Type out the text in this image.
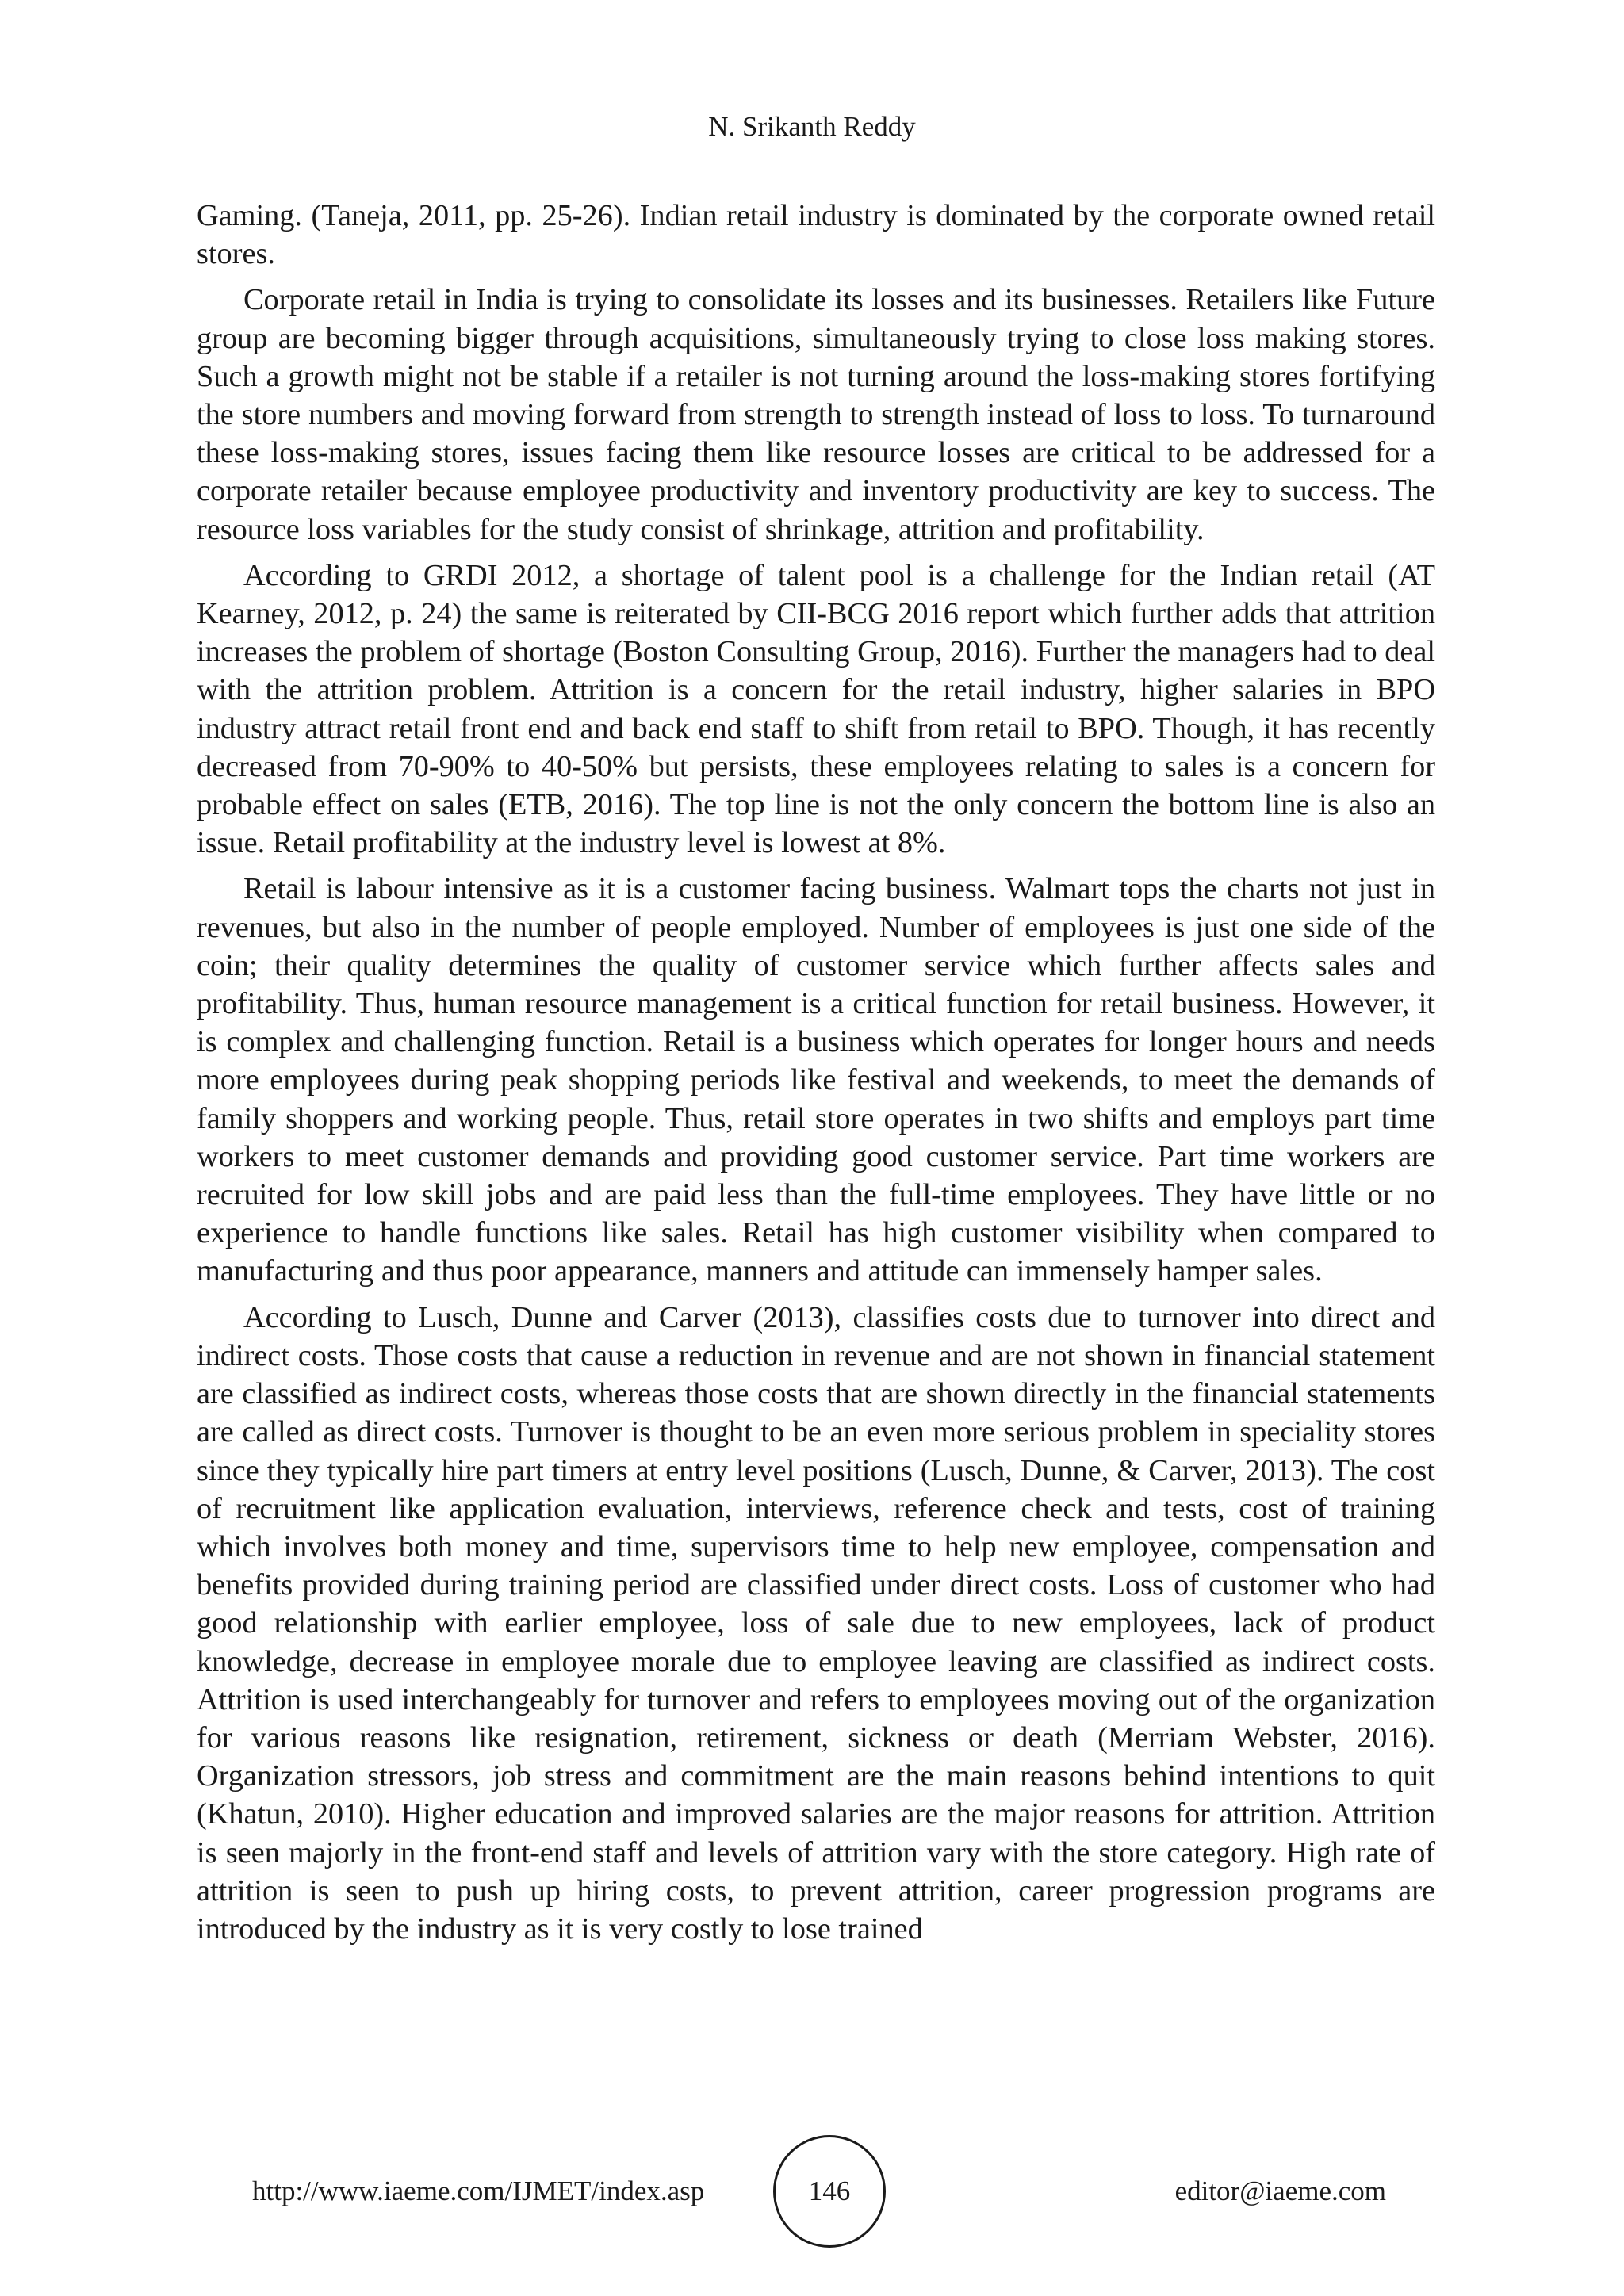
N. Srikanth Reddy

Gaming. (Taneja, 2011, pp. 25-26). Indian retail industry is dominated by the corporate owned retail stores.

Corporate retail in India is trying to consolidate its losses and its businesses. Retailers like Future group are becoming bigger through acquisitions, simultaneously trying to close loss making stores. Such a growth might not be stable if a retailer is not turning around the loss-making stores fortifying the store numbers and moving forward from strength to strength instead of loss to loss. To turnaround these loss-making stores, issues facing them like resource losses are critical to be addressed for a corporate retailer because employee productivity and inventory productivity are key to success. The resource loss variables for the study consist of shrinkage, attrition and profitability.

According to GRDI 2012, a shortage of talent pool is a challenge for the Indian retail (AT Kearney, 2012, p. 24) the same is reiterated by CII-BCG 2016 report which further adds that attrition increases the problem of shortage (Boston Consulting Group, 2016). Further the managers had to deal with the attrition problem. Attrition is a concern for the retail industry, higher salaries in BPO industry attract retail front end and back end staff to shift from retail to BPO. Though, it has recently decreased from 70-90% to 40-50% but persists, these employees relating to sales is a concern for probable effect on sales (ETB, 2016). The top line is not the only concern the bottom line is also an issue. Retail profitability at the industry level is lowest at 8%.

Retail is labour intensive as it is a customer facing business. Walmart tops the charts not just in revenues, but also in the number of people employed. Number of employees is just one side of the coin; their quality determines the quality of customer service which further affects sales and profitability. Thus, human resource management is a critical function for retail business. However, it is complex and challenging function. Retail is a business which operates for longer hours and needs more employees during peak shopping periods like festival and weekends, to meet the demands of family shoppers and working people. Thus, retail store operates in two shifts and employs part time workers to meet customer demands and providing good customer service. Part time workers are recruited for low skill jobs and are paid less than the full-time employees. They have little or no experience to handle functions like sales. Retail has high customer visibility when compared to manufacturing and thus poor appearance, manners and attitude can immensely hamper sales.

According to Lusch, Dunne and Carver (2013), classifies costs due to turnover into direct and indirect costs. Those costs that cause a reduction in revenue and are not shown in financial statement are classified as indirect costs, whereas those costs that are shown directly in the financial statements are called as direct costs. Turnover is thought to be an even more serious problem in speciality stores since they typically hire part timers at entry level positions (Lusch, Dunne, & Carver, 2013). The cost of recruitment like application evaluation, interviews, reference check and tests, cost of training which involves both money and time, supervisors time to help new employee, compensation and benefits provided during training period are classified under direct costs. Loss of customer who had good relationship with earlier employee, loss of sale due to new employees, lack of product knowledge, decrease in employee morale due to employee leaving are classified as indirect costs. Attrition is used interchangeably for turnover and refers to employees moving out of the organization for various reasons like resignation, retirement, sickness or death (Merriam Webster, 2016). Organization stressors, job stress and commitment are the main reasons behind intentions to quit (Khatun, 2010). Higher education and improved salaries are the major reasons for attrition. Attrition is seen majorly in the front-end staff and levels of attrition vary with the store category. High rate of attrition is seen to push up hiring costs, to prevent attrition, career progression programs are introduced by the industry as it is very costly to lose trained

http://www.iaeme.com/IJMET/index.asp	146	editor@iaeme.com
